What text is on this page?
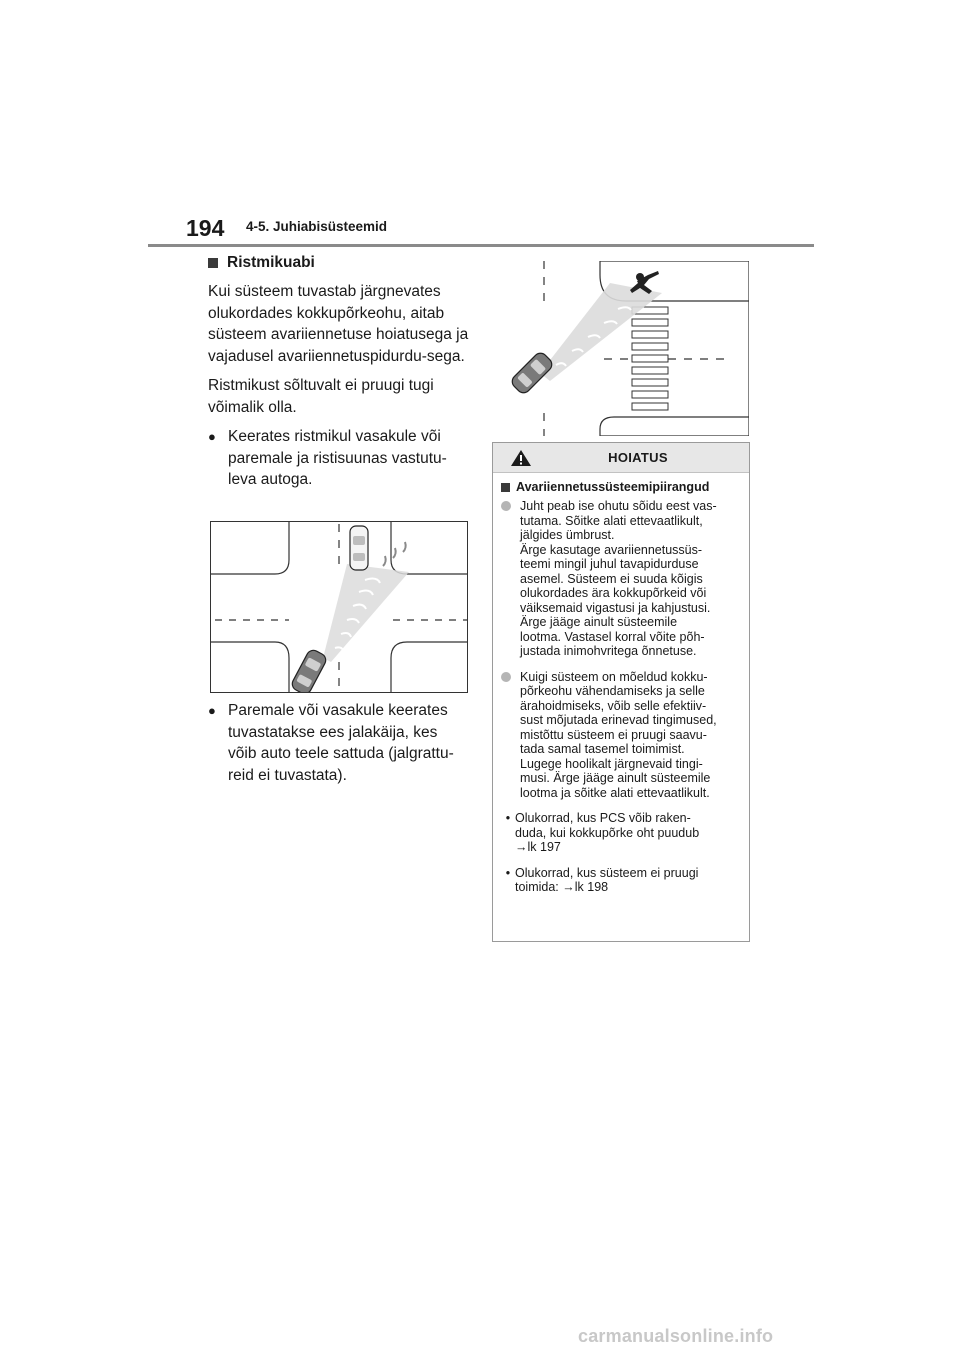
194 4-5. Juhiabisüsteemid
Ristmikuabi

Kui süsteem tuvastab järgnevates olukordades kokkupõrkeohu, aitab süsteem avariiennetuse hoiatusega ja vajadusel avariiennetuspidurdu-sega.

Ristmikust sõltuvalt ei pruugi tugi võimalik olla.

● Keerates ristmikul vasakule või paremale ja ristisuunas vastutu-leva autoga.
● Paremale või vasakule keerates tuvastatakse ees jalakäija, kes võib auto teele sattuda (jalgrattu-reid ei tuvastata).
HOIATUS
Avariiennetussüsteemipiirangud
Juht peab ise ohutu sõidu eest vas-
tutama. Sõitke alati ettevaatlikult,
jälgides ümbrust.
Ärge kasutage avariiennetussüs-
teemi mingil juhul tavapidurduse
asemel. Süsteem ei suuda kõigis
olukordades ära kokkupõrkeid või
väiksemaid vigastusi ja kahjustusi.
Ärge jääge ainult süsteemile
lootma. Vastasel korral võite põh-
justada inimohvritega õnnetuse.
Kuigi süsteem on mõeldud kokku-
põrkeohu vähendamiseks ja selle
ärahoidmiseks, võib selle efektiiv-
sust mõjutada erinevad tingimused,
mistõttu süsteem ei pruugi saavu-
tada samal tasemel toimimist.
Lugege hoolikalt järgnevaid tingi-
musi. Ärge jääge ainult süsteemile
lootma ja sõitke alati ettevaatlikult.
• Olukorrad, kus PCS võib raken-
duda, kui kokkupõrke oht puudub
→lk 197
• Olukorrad, kus süsteem ei pruugi
toimida: →lk 198
carmanualsonline.info
